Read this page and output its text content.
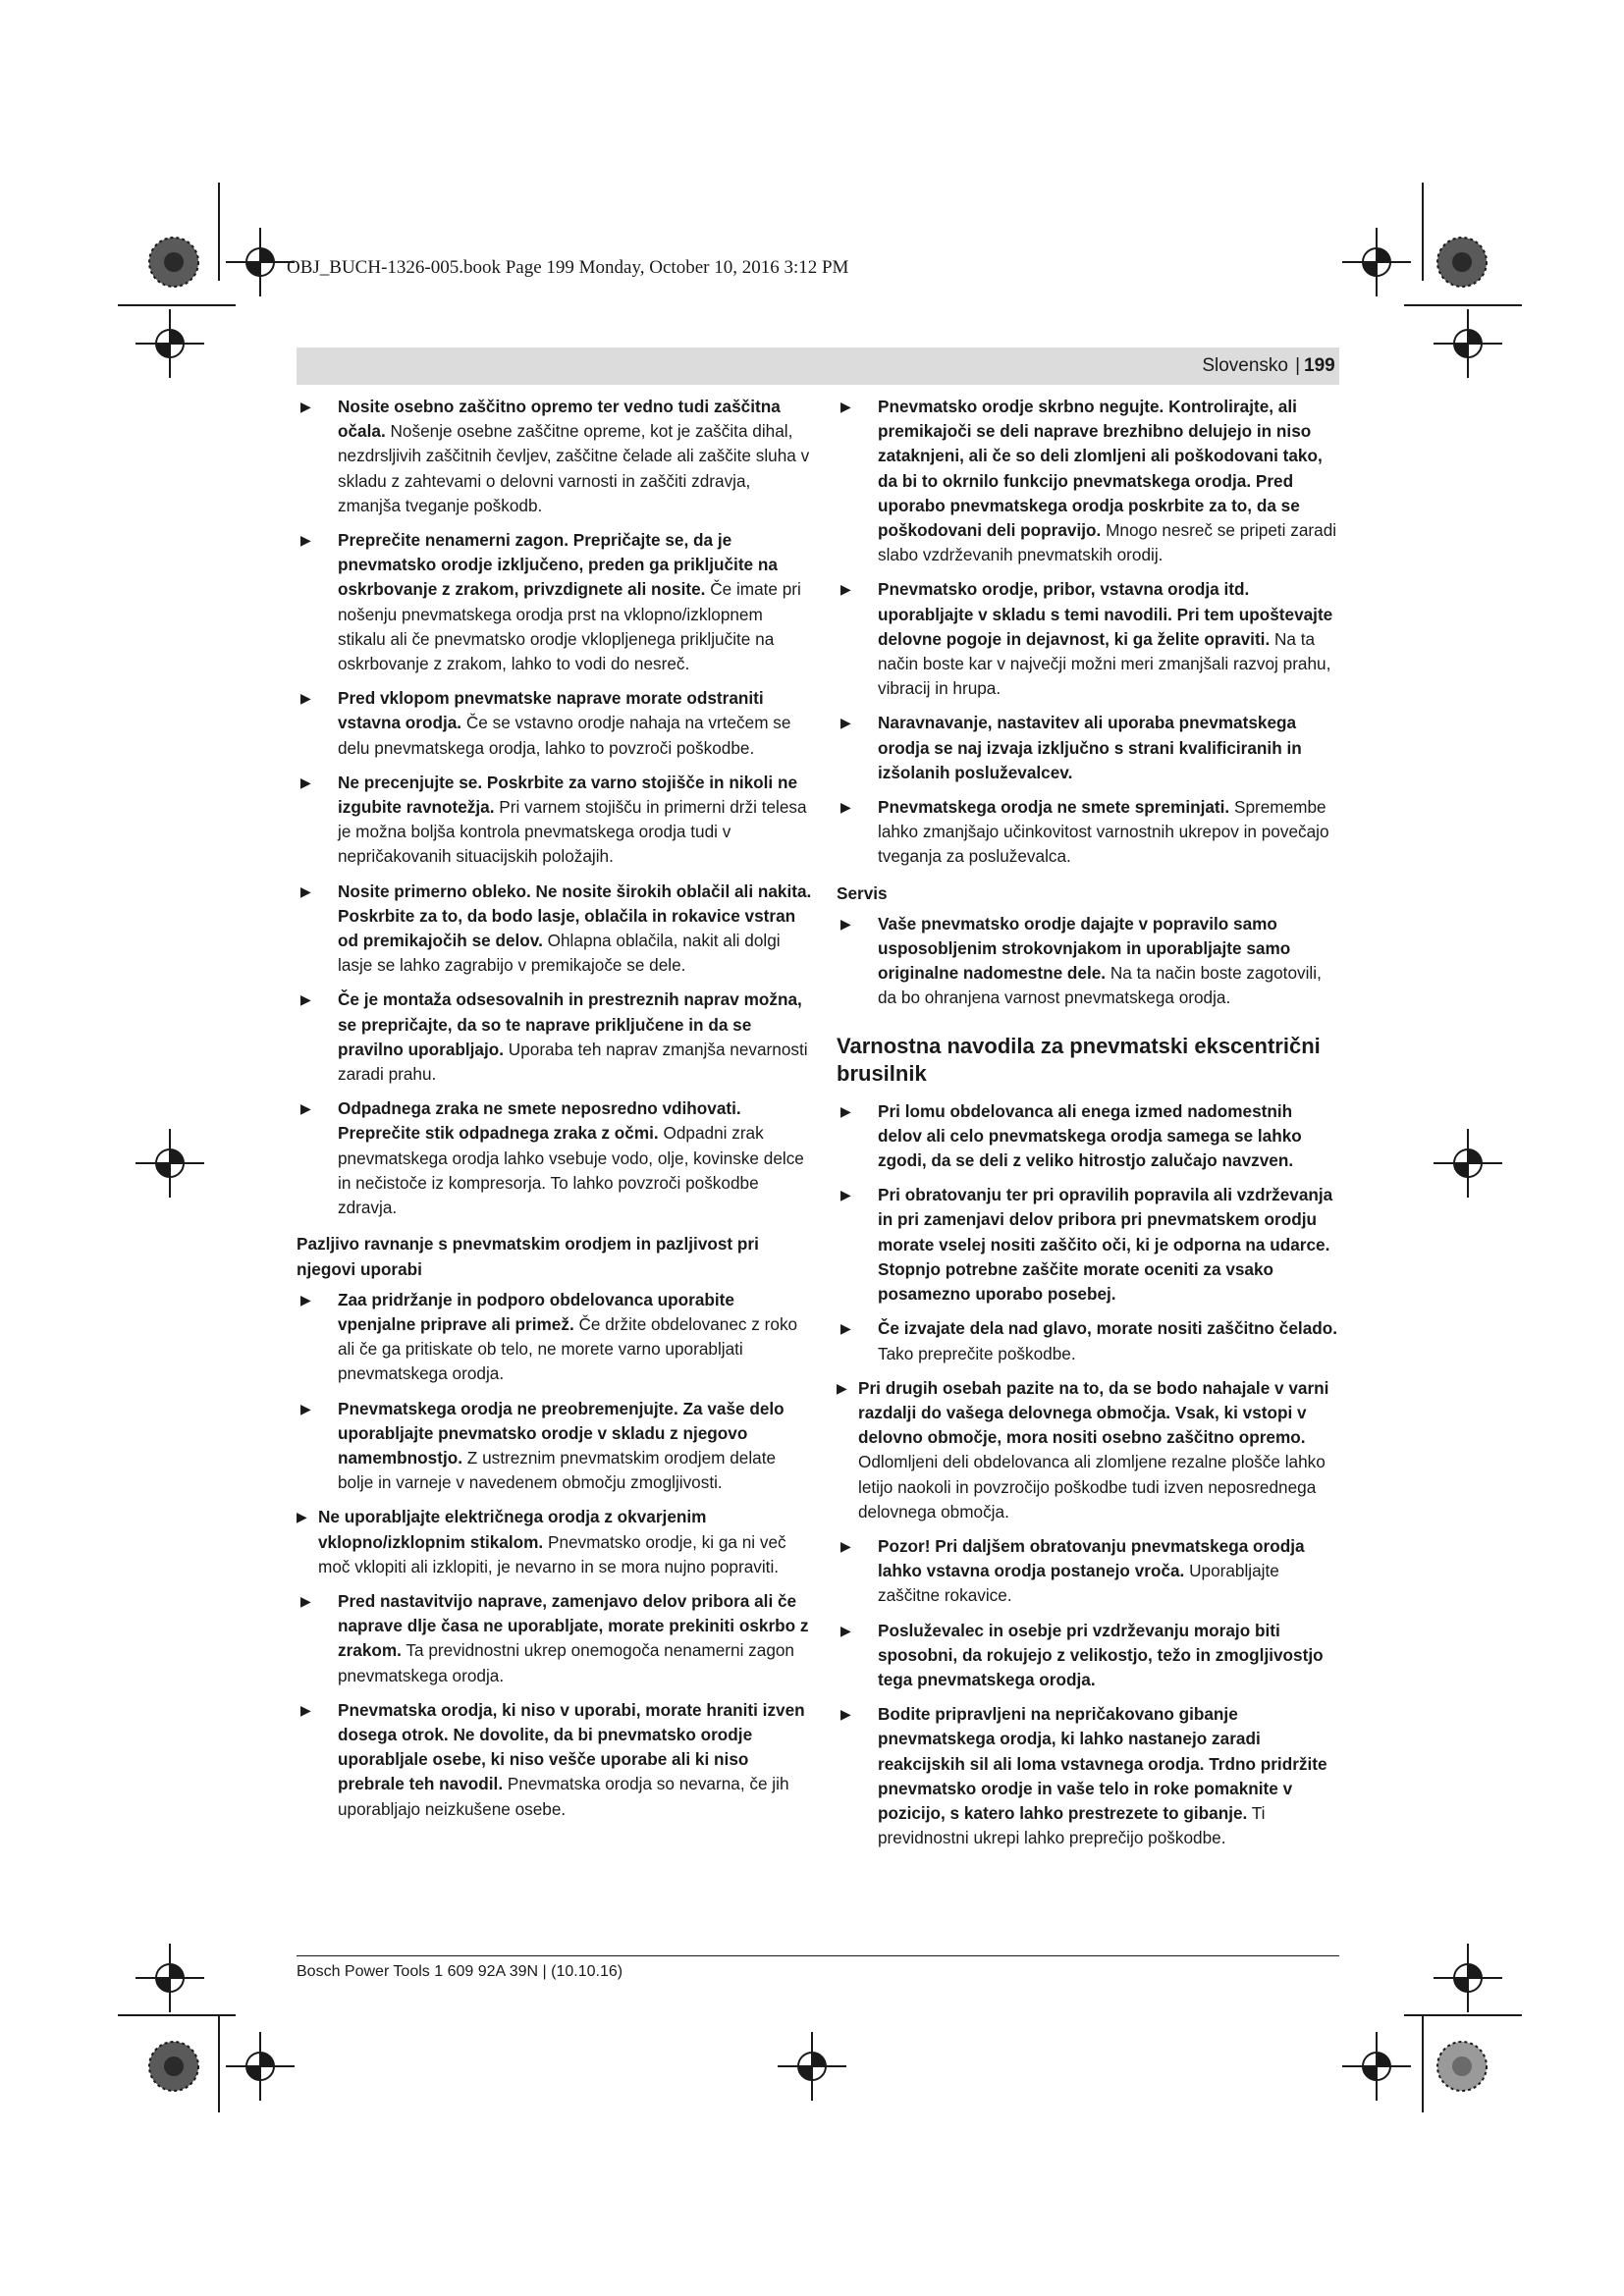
OBJ_BUCH-1326-005.book Page 199 Monday, October 10, 2016 3:12 PM
Slovensko | 199
▶ Nosite osebno zaščitno opremo ter vedno tudi zaščitna očala. Nošenje osebne zaščitne opreme, kot je zaščita dihal, nezdrsljivih zaščitnih čevljev, zaščitne čelade ali zaščite sluha v skladu z zahtevami o delovni varnosti in zaščiti zdravja, zmanjša tveganje poškodb.
▶ Preprečite nenamerni zagon. Prepričajte se, da je pnevmatsko orodje izklјučeno, preden ga priključite na oskrbovanje z zrakom, privzdignete ali nosite. Če imate pri nošenju pnevmatskega orodja prst na vklopno/izklopnem stikalu ali če pnevmatsko orodje vklopljenega priključite na oskrbovanje z zrakom, lahko to vodi do nesreč.
▶ Pred vklopom pnevmatske naprave morate odstraniti vstavna orodja. Če se vstavno orodje nahaja na vrtečem se delu pnevmatskega orodja, lahko to povzroči poškodbe.
▶ Ne precenjujte se. Poskrbite za varno stojišče in nikoli ne izgubite ravnotežja. Pri varnem stojišču in primerni drži telesa je možna boljša kontrola pnevmatskega orodja tudi v nepričakovanih situacijskih položajih.
▶ Nosite primerno obleko. Ne nosite širokih oblačil ali nakita. Poskrbite za to, da bodo lasje, oblačila in rokavice vstran od premikajočih se delov. Ohlapna oblačila, nakit ali dolgi lasje se lahko zagrabijo v premikajoče se dele.
▶ Če je montaža odsesovalnih in prestreznih naprav možna, se prepričajte, da so te naprave priključene in da se pravilno uporabljajo. Uporaba teh naprav zmanjša nevarnosti zaradi prahu.
▶ Odpadnega zraka ne smete neposredno vdihovati. Preprečite stik odpadnega zraka z očmi. Odpadni zrak pnevmatskega orodja lahko vsebuje vodo, olje, kovinske delce in nečistoče iz kompresorja. To lahko povzroči poškodbe zdravja.
Pazljivo ravnanje s pnevmatskim orodjem in pazljivost pri njegovi uporabi
▶ Zaa pridržanje in podporo obdelovanca uporabite vpenjalne priprave ali primež. Če držite obdelovanec z roko ali če ga pritiskate ob telo, ne morete varno uporabljati pnevmatskega orodja.
▶ Pnevmatskega orodja ne preobremenjujte. Za vaše delo uporabljajte pnevmatsko orodje v skladu z njegovo namembnostjo. Z ustreznim pnevmatskim orodjem delate bolje in varneje v navedenem območju zmogljivosti.
▶ Ne uporabljajte električnega orodja z okvarjenim vklopno/izklopnim stikalom. Pnevmatsko orodje, ki ga ni več moč vklopiti ali izklopiti, je nevarno in se mora nujno popraviti.
▶ Pred nastavitvijo naprave, zamenjavo delov pribora ali če naprave dlje časa ne uporabljate, morate prekiniti oskrbo z zrakom. Ta previdnostni ukrep onemogoča nenamerni zagon pnevmatskega orodja.
▶ Pnevmatska orodja, ki niso v uporabi, morate hraniti izven dosega otrok. Ne dovolite, da bi pnevmatsko orodje uporabljale osebe, ki niso vešče uporabe ali ki niso prebrale teh navodil. Pnevmatska orodja so nevarna, če jih uporabljajo neizkušene osebe.
▶ Pnevmatsko orodje skrbno negujte. Kontrolirajte, ali premikajoči se deli naprave brezhibno delujejo in niso zataknjeni, ali če so deli zlomljeni ali poškodovani tako, da bi to okrnilo funkcijo pnevmatskega orodja. Pred uporabo pnevmatskega orodja poskrbite za to, da se poškodovani deli popravijo. Mnogo nesreč se pripeti zaradi slabo vzdrževanih pnevmatskih orodij.
▶ Pnevmatsko orodje, pribor, vstavna orodja itd. uporabljajte v skladu s temi navodili. Pri tem upoštevajte delovne pogoje in dejavnost, ki ga želite opraviti. Na ta način boste kar v največji možni meri zmanjšali razvoj prahu, vibracij in hrupa.
▶ Naravnavanje, nastavitev ali uporaba pnevmatskega orodja se naj izvaja izključno s strani kvalificiranih in izšolanih posluževalcev.
▶ Pnevmatskega orodja ne smete spreminjati. Spremembe lahko zmanjšajo učinkovitost varnostnih ukrepov in povečajo tveganja za posluževalca.
Servis
▶ Vaše pnevmatsko orodje dajajte v popravilo samo usposobljenim strokovnjakom in uporabljajte samo originalne nadomestne dele. Na ta način boste zagotovili, da bo ohranjena varnost pnevmatskega orodja.
Varnostna navodila za pnevmatski ekscentrični brusilnik
▶ Pri lomu obdelovanca ali enega izmed nadomestnih delov ali celo pnevmatskega orodja samega se lahko zgodi, da se deli z veliko hitrostjo zalučajo navzven.
▶ Pri obratovanju ter pri opravilih popravila ali vzdrževanja in pri zamenjavi delov pribora pri pnevmatskem orodju morate vselej nositi zaščito oči, ki je odporna na udarce. Stopnjo potrebne zaščite morate oceniti za vsako posamezno uporabo posebej.
▶ Če izvajate dela nad glavo, morate nositi zaščitno čelado. Tako preprečite poškodbe.
▶ Pri drugih osebah pazite na to, da se bodo nahajale v varni razdalji do vašega delovnega območja. Vsak, ki vstopi v delovno območje, mora nositi osebno zaščitno opremo. Odlomljeni deli obdelovanca ali zlomljene rezalne plošče lahko letijo naokoli in povzročijo poškodbe tudi izven neposrednega delovnega območja.
▶ Pozor! Pri daljšem obratovanju pnevmatskega orodja lahko vstavna orodja postanejo vroča. Uporabljajte zaščitne rokavice.
▶ Posluževalec in osebje pri vzdrževanju morajo biti sposobni, da rokujejo z velikostjo, težo in zmogljivostjo tega pnevmatskega orodja.
▶ Bodite pripravljeni na nepričakovano gibanje pnevmatskega orodja, ki lahko nastanejo zaradi reakcijskih sil ali loma vstavnega orodja. Trdno pridržite pnevmatsko orodje in vaše telo in roke pomaknite v pozicijo, s katero lahko prestrezete to gibanje. Ti previdnostni ukrepi lahko preprečijo poškodbe.
Bosch Power Tools 1 609 92A 39N | (10.10.16)
